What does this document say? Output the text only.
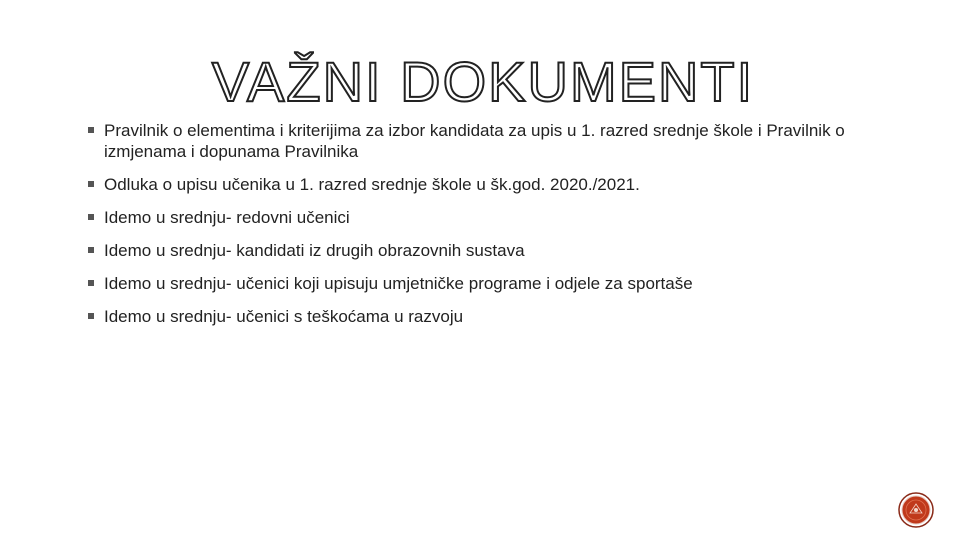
VAŽNI DOKUMENTI
Pravilnik o elementima i kriterijima za izbor kandidata za upis u 1. razred srednje škole i Pravilnik o izmjenama i dopunama Pravilnika
Odluka o upisu učenika u 1. razred srednje škole u šk.god. 2020./2021.
Idemo u srednju- redovni učenici
Idemo u srednju- kandidati iz drugih obrazovnih sustava
Idemo u srednju- učenici koji upisuju umjetničke programe i odjele za sportaše
Idemo u srednju- učenici s teškoćama u razvoju
